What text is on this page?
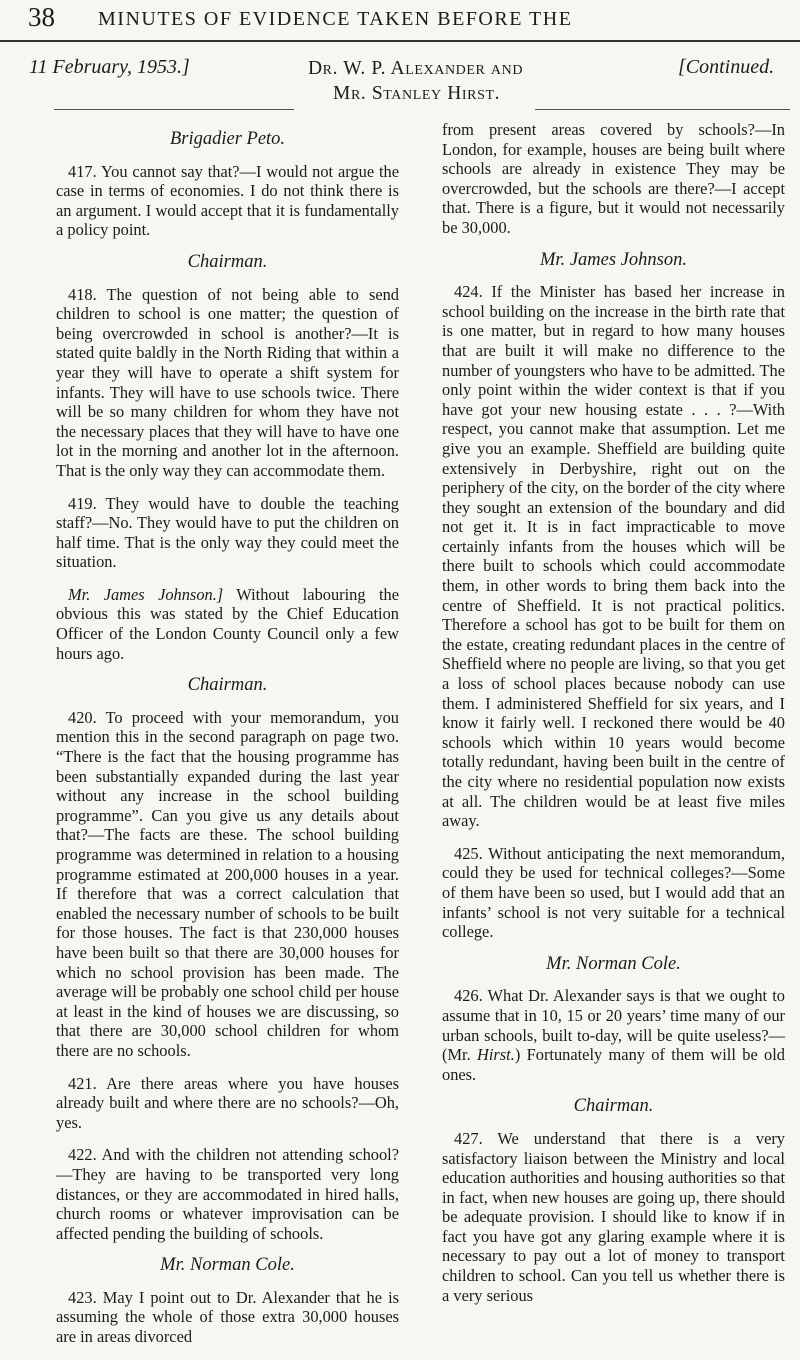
38 MINUTES OF EVIDENCE TAKEN BEFORE THE
11 February, 1953.]	Dr. W. P. Alexander and
Mr. Stanley Hirst.
[Continued.
Brigadier Peto.

417. You cannot say that?—I would not argue the case in terms of economies. I do not think there is an argument. I would accept that it is fundamentally a policy point.

Chairman.

418. The question of not being able to send children to school is one matter; the question of being overcrowded in school is another?—It is stated quite baldly in the North Riding that within a year they will have to operate a shift system for infants. They will have to use schools twice. There will be so many children for whom they have not the necessary places that they will have to have one lot in the morning and another lot in the afternoon. That is the only way they can accommodate them.

419. They would have to double the teaching staff?—No. They would have to put the children on half time. That is the only way they could meet the situation.

Mr. James Johnson.] Without labouring the obvious this was stated by the Chief Education Officer of the London County Council only a few hours ago.

Chairman.

420. To proceed with your memorandum, you mention this in the second paragraph on page two. “There is the fact that the housing programme has been substantially expanded during the last year without any increase in the school building programme”. Can you give us any details about that?—The facts are these. The school building programme was determined in relation to a housing programme estimated at 200,000 houses in a year. If therefore that was a correct calculation that enabled the necessary number of schools to be built for those houses. The fact is that 230,000 houses have been built so that there are 30,000 houses for which no school provision has been made. The average will be probably one school child per house at least in the kind of houses we are discussing, so that there are 30,000 school children for whom there are no schools.

421. Are there areas where you have houses already built and where there are no schools?—Oh, yes.

422. And with the children not attending school?—They are having to be transported very long distances, or they are accommodated in hired halls, church rooms or whatever improvisation can be affected pending the building of schools.

Mr. Norman Cole.

423. May I point out to Dr. Alexander that he is assuming the whole of those extra 30,000 houses are in areas divorced

from present areas covered by schools?—In London, for example, houses are being built where schools are already in existence They may be overcrowded, but the schools are there?—I accept that. There is a figure, but it would not necessarily be 30,000.

Mr. James Johnson.

424. If the Minister has based her increase in school building on the increase in the birth rate that is one matter, but in regard to how many houses that are built it will make no difference to the number of youngsters who have to be admitted. The only point within the wider context is that if you have got your new housing estate . . . ?—With respect, you cannot make that assumption. Let me give you an example. Sheffield are building quite extensively in Derbyshire, right out on the periphery of the city, on the border of the city where they sought an extension of the boundary and did not get it. It is in fact impracticable to move certainly infants from the houses which will be there built to schools which could accommodate them, in other words to bring them back into the centre of Sheffield. It is not practical politics. Therefore a school has got to be built for them on the estate, creating redundant places in the centre of Sheffield where no people are living, so that you get a loss of school places because nobody can use them. I administered Sheffield for six years, and I know it fairly well. I reckoned there would be 40 schools which within 10 years would become totally redundant, having been built in the centre of the city where no residential population now exists at all. The children would be at least five miles away.

425. Without anticipating the next memorandum, could they be used for technical colleges?—Some of them have been so used, but I would add that an infants’ school is not very suitable for a technical college.

Mr. Norman Cole.

426. What Dr. Alexander says is that we ought to assume that in 10, 15 or 20 years’ time many of our urban schools, built to-day, will be quite useless?—(Mr. Hirst.) Fortunately many of them will be old ones.

Chairman.

427. We understand that there is a very satisfactory liaison between the Ministry and local education authorities and housing authorities so that in fact, when new houses are going up, there should be adequate provision. I should like to know if in fact you have got any glaring example where it is necessary to pay out a lot of money to transport children to school. Can you tell us whether there is a very serious
